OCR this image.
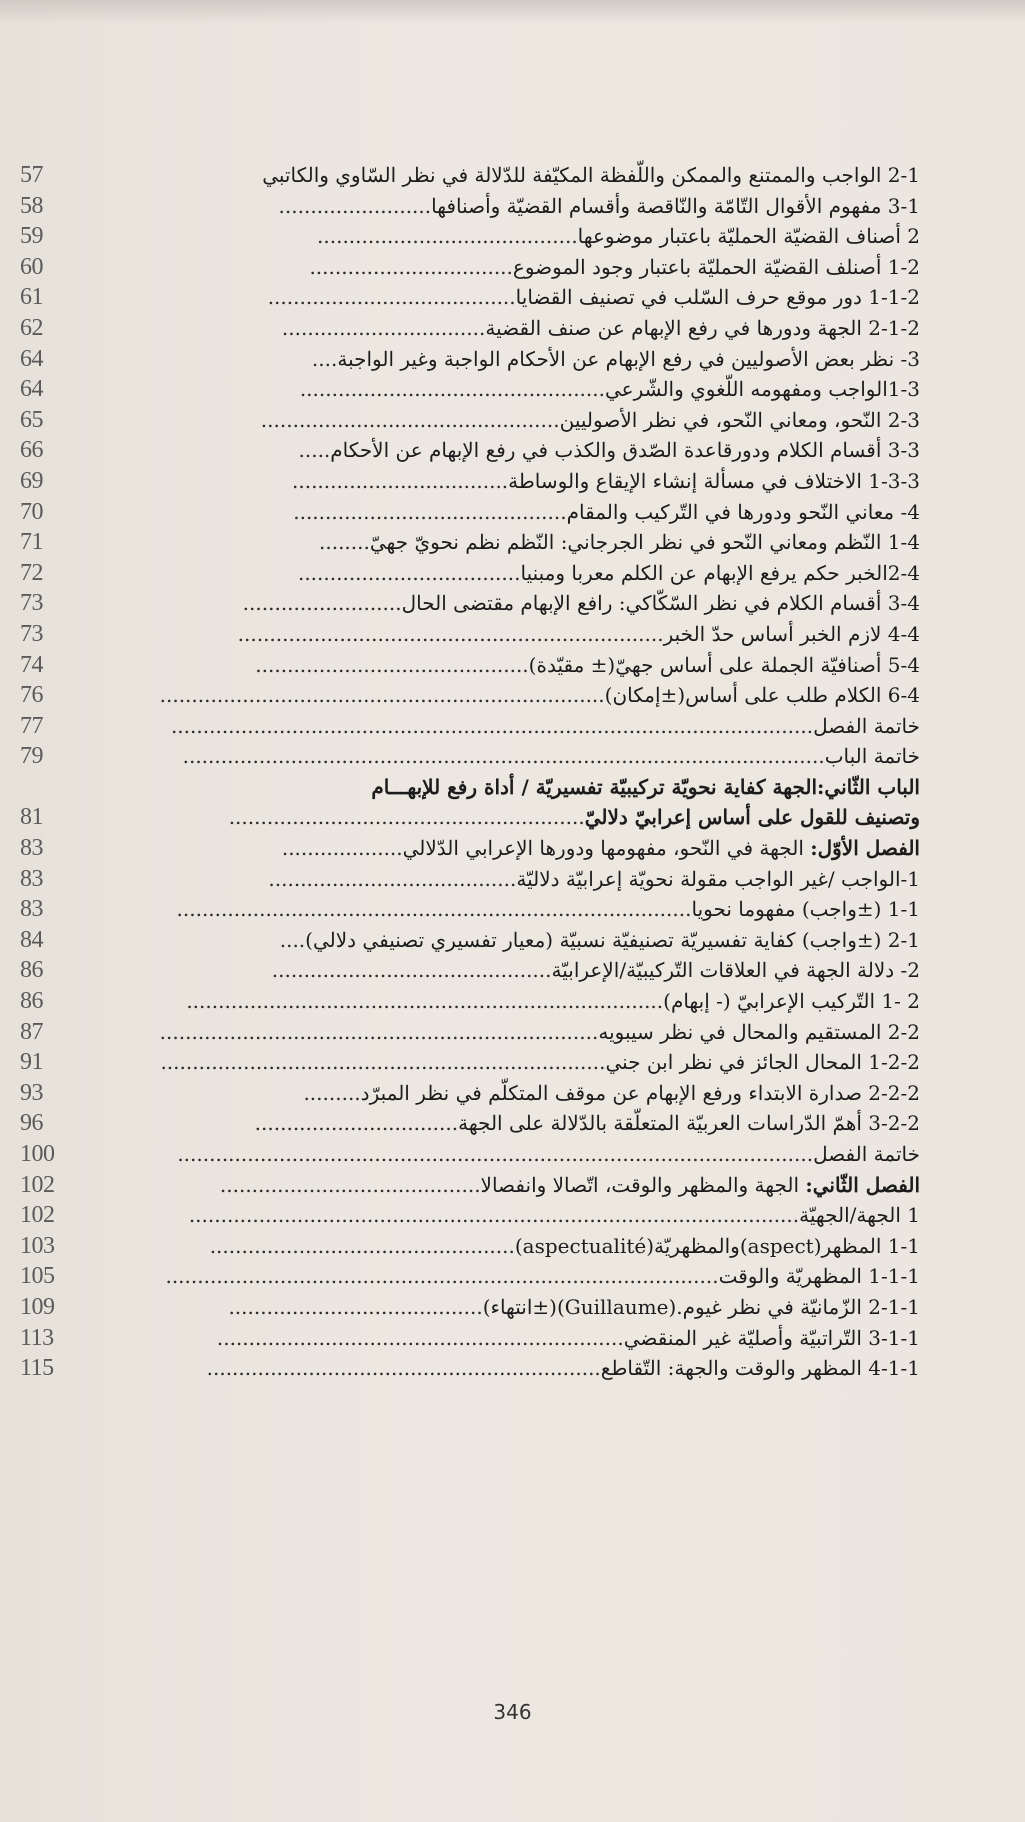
57	2-1 الواجب والممتنع والممكن واللّفظة المكيّفة للدّلالة في نظر السّاوي والكاتبي
58	3-1 مفهوم الأقوال التّامّة والنّاقصة وأقسام القضيّة وأصنافها........................
59	2 أصناف القضيّة الحمليّة باعتبار موضوعها.........................................
60	1-2 أصنلف القضيّة الحمليّة باعتبار وجود الموضوع................................
61	1-1-2 دور موقع حرف السّلب في تصنيف القضايا.......................................
62	2-1-2 الجهة ودورها في رفع الإبهام عن صنف القضية................................
64	3- نظر بعض الأصوليين في رفع الإبهام عن الأحكام الواجبة وغير الواجبة....
64	1-3الواجب ومفهومه اللّغوي والشّرعي................................................
65	2-3 النّحو، ومعاني النّحو، في نظر الأصوليين...............................................
66	3-3 أقسام الكلام ودورقاعدة الصّدق والكذب في رفع الإبهام عن الأحكام.....
69	1-3-3 الاختلاف في مسألة إنشاء الإيقاع والوساطة..................................
70	4- معاني النّحو ودورها في التّركيب والمقام...........................................
71	1-4 النّظم ومعاني النّحو في نظر الجرجاني: النّظم نظم نحويّ جهيّ........
72	2-4الخبر حكم يرفع الإبهام عن الكلم معربا ومبنيا...................................
73	3-4 أقسام الكلام في نظر السّكّاكي: رافع الإبهام مقتضى الحال.........................
73	4-4 لازم الخبر أساس حدّ الخبر...................................................................
74	5-4 أصنافيّة الجملة على أساس جهيّ(± مقيّدة)...........................................
76	6-4 الكلام طلب على أساس(±إمكان)......................................................................
77	خاتمة الفصل.....................................................................................................
79	خاتمة الباب.....................................................................................................
الباب الثّاني:الجهة كفاية نحويّة تركيبيّة تفسيريّة / أداة رفع للإبهـــام
81	وتصنيف للقول على أساس إعرابيّ دلاليّ........................................................
83	الفصل الأوّل: الجهة في النّحو، مفهومها ودورها الإعرابي الدّلالي...................
83	1-الواجب /غير الواجب مقولة نحويّة إعرابيّة دلاليّة.......................................
83	1-1 (±واجب) مفهوما نحويا.................................................................................
84	2-1 (±واجب) كفاية تفسيريّة تصنيفيّة نسبيّة (معيار تفسيري تصنيفي دلالي)....
86	2- دلالة الجهة في العلاقات التّركيبيّة/الإعرابيّة............................................
86	2 -1 التّركيب الإعرابيّ (- إبهام)...........................................................................
87	2-2 المستقيم والمحال في نظر سيبويه.....................................................................
91	1-2-2 المحال الجائز في نظر ابن جني......................................................................
93	2-2-2 صدارة الابتداء ورفع الإبهام عن موقف المتكلّم في نظر المبرّد.........
96	3-2-2 أهمّ الدّراسات العربيّة المتعلّقة بالدّلالة على الجهة................................
100	خاتمة الفصل....................................................................................................
102	الفصل الثّاني: الجهة والمظهر والوقت، اتّصالا وانفصالا.........................................
102	1 الجهة/الجهيّة................................................................................................
103	1-1 المظهر(aspect)والمظهريّة(aspectualité)................................................
105	1-1-1 المظهريّة والوقت.......................................................................................
109	2-1-1 الزّمانيّة في نظر غيوم.(Guillaume)(±انتهاء)........................................
113	3-1-1 التّراتبيّة وأصليّة غير المنقضي................................................................
115	4-1-1 المظهر والوقت والجهة: التّقاطع..............................................................
346
